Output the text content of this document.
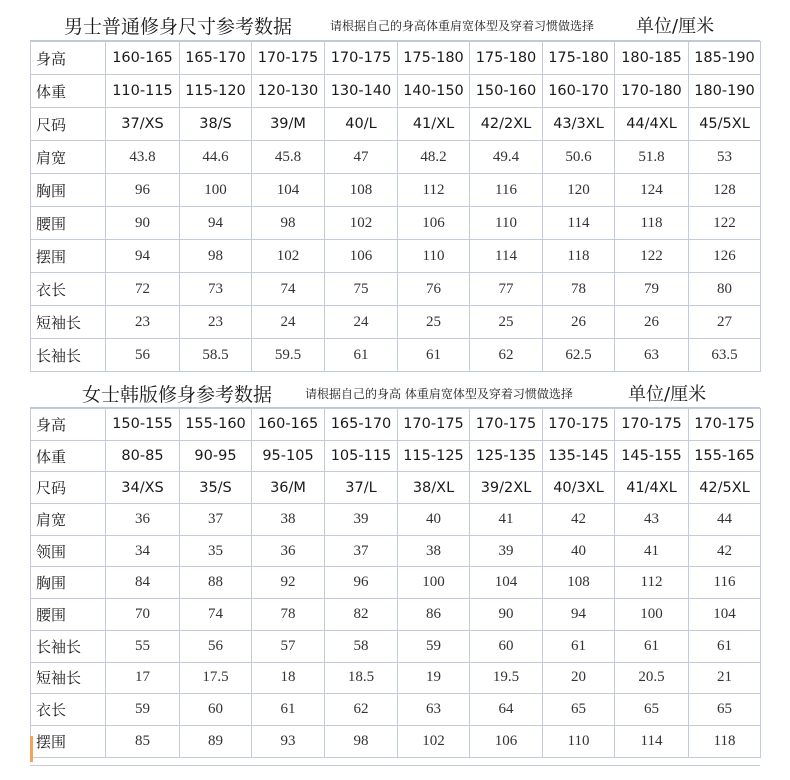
男士普通修身尺寸参考数据	请根据自己的身高体重肩宽体型及穿着习惯做选择 单位/厘米
身高	160-165	165-170	170-175	170-175	175-180	175-180	175-180	180-185	185-190
体重	110-115	115-120	120-130	130-140	140-150	150-160	160-170	170-180	180-190
尺码	37/XS	38/S	39/M	40/L	41/XL	42/2XL	43/3XL	44/4XL	45/5XL
肩宽	43.8	44.6	45.8	47	48.2	49.4	50.6	51.8	53
胸围	96	100	104	108	112	116	120	124	128
腰围	90	94	98	102	106	110	114	118	122
摆围	94	98	102	106	110	114	118	122	126
衣长	72	73	74	75	76	77	78	79	80
短袖长	23	23	24	24	25	25	26	26	27
长袖长	56	58.5	59.5	61	61	62	62.5	63	63.5
女士韩版修身参考数据	请根据自己的身高 体重肩宽体型及穿着习惯做选择	单位/厘米
身高	150-155	155-160	160-165	165-170	170-175	170-175	170-175	170-175	170-175
体重	80-85	90-95	95-105	105-115	115-125	125-135	135-145	145-155	155-165
尺码	34/XS	35/S	36/M	37/L	38/XL	39/2XL	40/3XL	41/4XL	42/5XL
肩宽	36	37	38	39	40	41	42	43	44
领围	34	35	36	37	38	39	40	41	42
胸围	84	88	92	96	100	104	108	112	116
腰围	70	74	78	82	86	90	94	100	104
长袖长	55	56	57	58	59	60	61	61	61
短袖长	17	17.5	18	18.5	19	19.5	20	20.5	21
衣长	59	60	61	62	63	64	65	65	65
摆围	85	89	93	98	102	106	110	114	118
